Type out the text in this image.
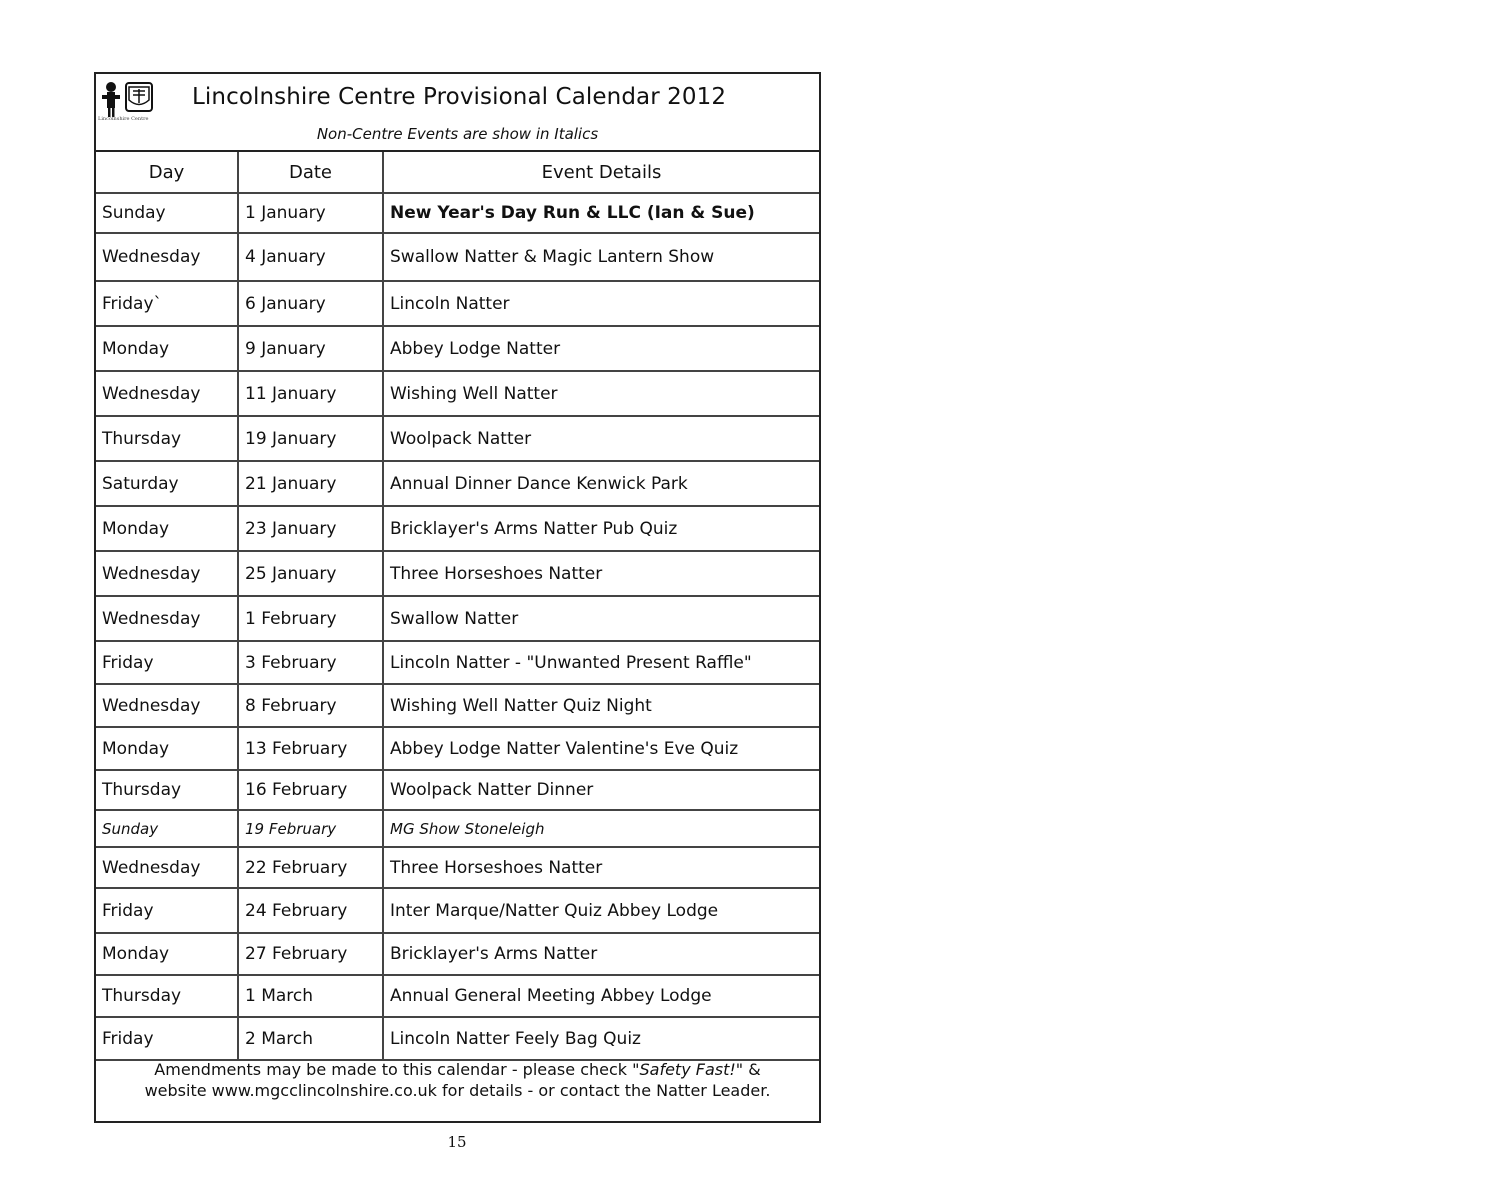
Lincolnshire Centre
Lincolnshire Centre Provisional Calendar 2012
Non-Centre Events are show in Italics
Day	Date	Event Details
Sunday	1 January	New Year's Day Run & LLC (Ian & Sue)
Wednesday	4 January	Swallow Natter & Magic Lantern Show
Friday`	6 January	Lincoln Natter
Monday	9 January	Abbey Lodge Natter
Wednesday	11 January	Wishing Well Natter
Thursday	19 January	Woolpack Natter
Saturday	21 January	Annual Dinner Dance Kenwick Park
Monday	23 January	Bricklayer's Arms Natter Pub Quiz
Wednesday	25 January	Three Horseshoes Natter
Wednesday	1 February	Swallow Natter
Friday	3 February	Lincoln Natter - "Unwanted Present Raffle"
Wednesday	8 February	Wishing Well Natter Quiz Night
Monday	13 February	Abbey Lodge Natter Valentine's Eve Quiz
Thursday	16 February	Woolpack Natter Dinner
Sunday	19 February	MG Show Stoneleigh
Wednesday	22 February	Three Horseshoes Natter
Friday	24 February	Inter Marque/Natter Quiz Abbey Lodge
Monday	27 February	Bricklayer's Arms Natter
Thursday	1 March	Annual General Meeting Abbey Lodge
Friday	2 March	Lincoln Natter Feely Bag Quiz
Amendments may be made to this calendar - please check "Safety Fast!" &
website www.mgcclincolnshire.co.uk for details - or contact the Natter Leader.
15
